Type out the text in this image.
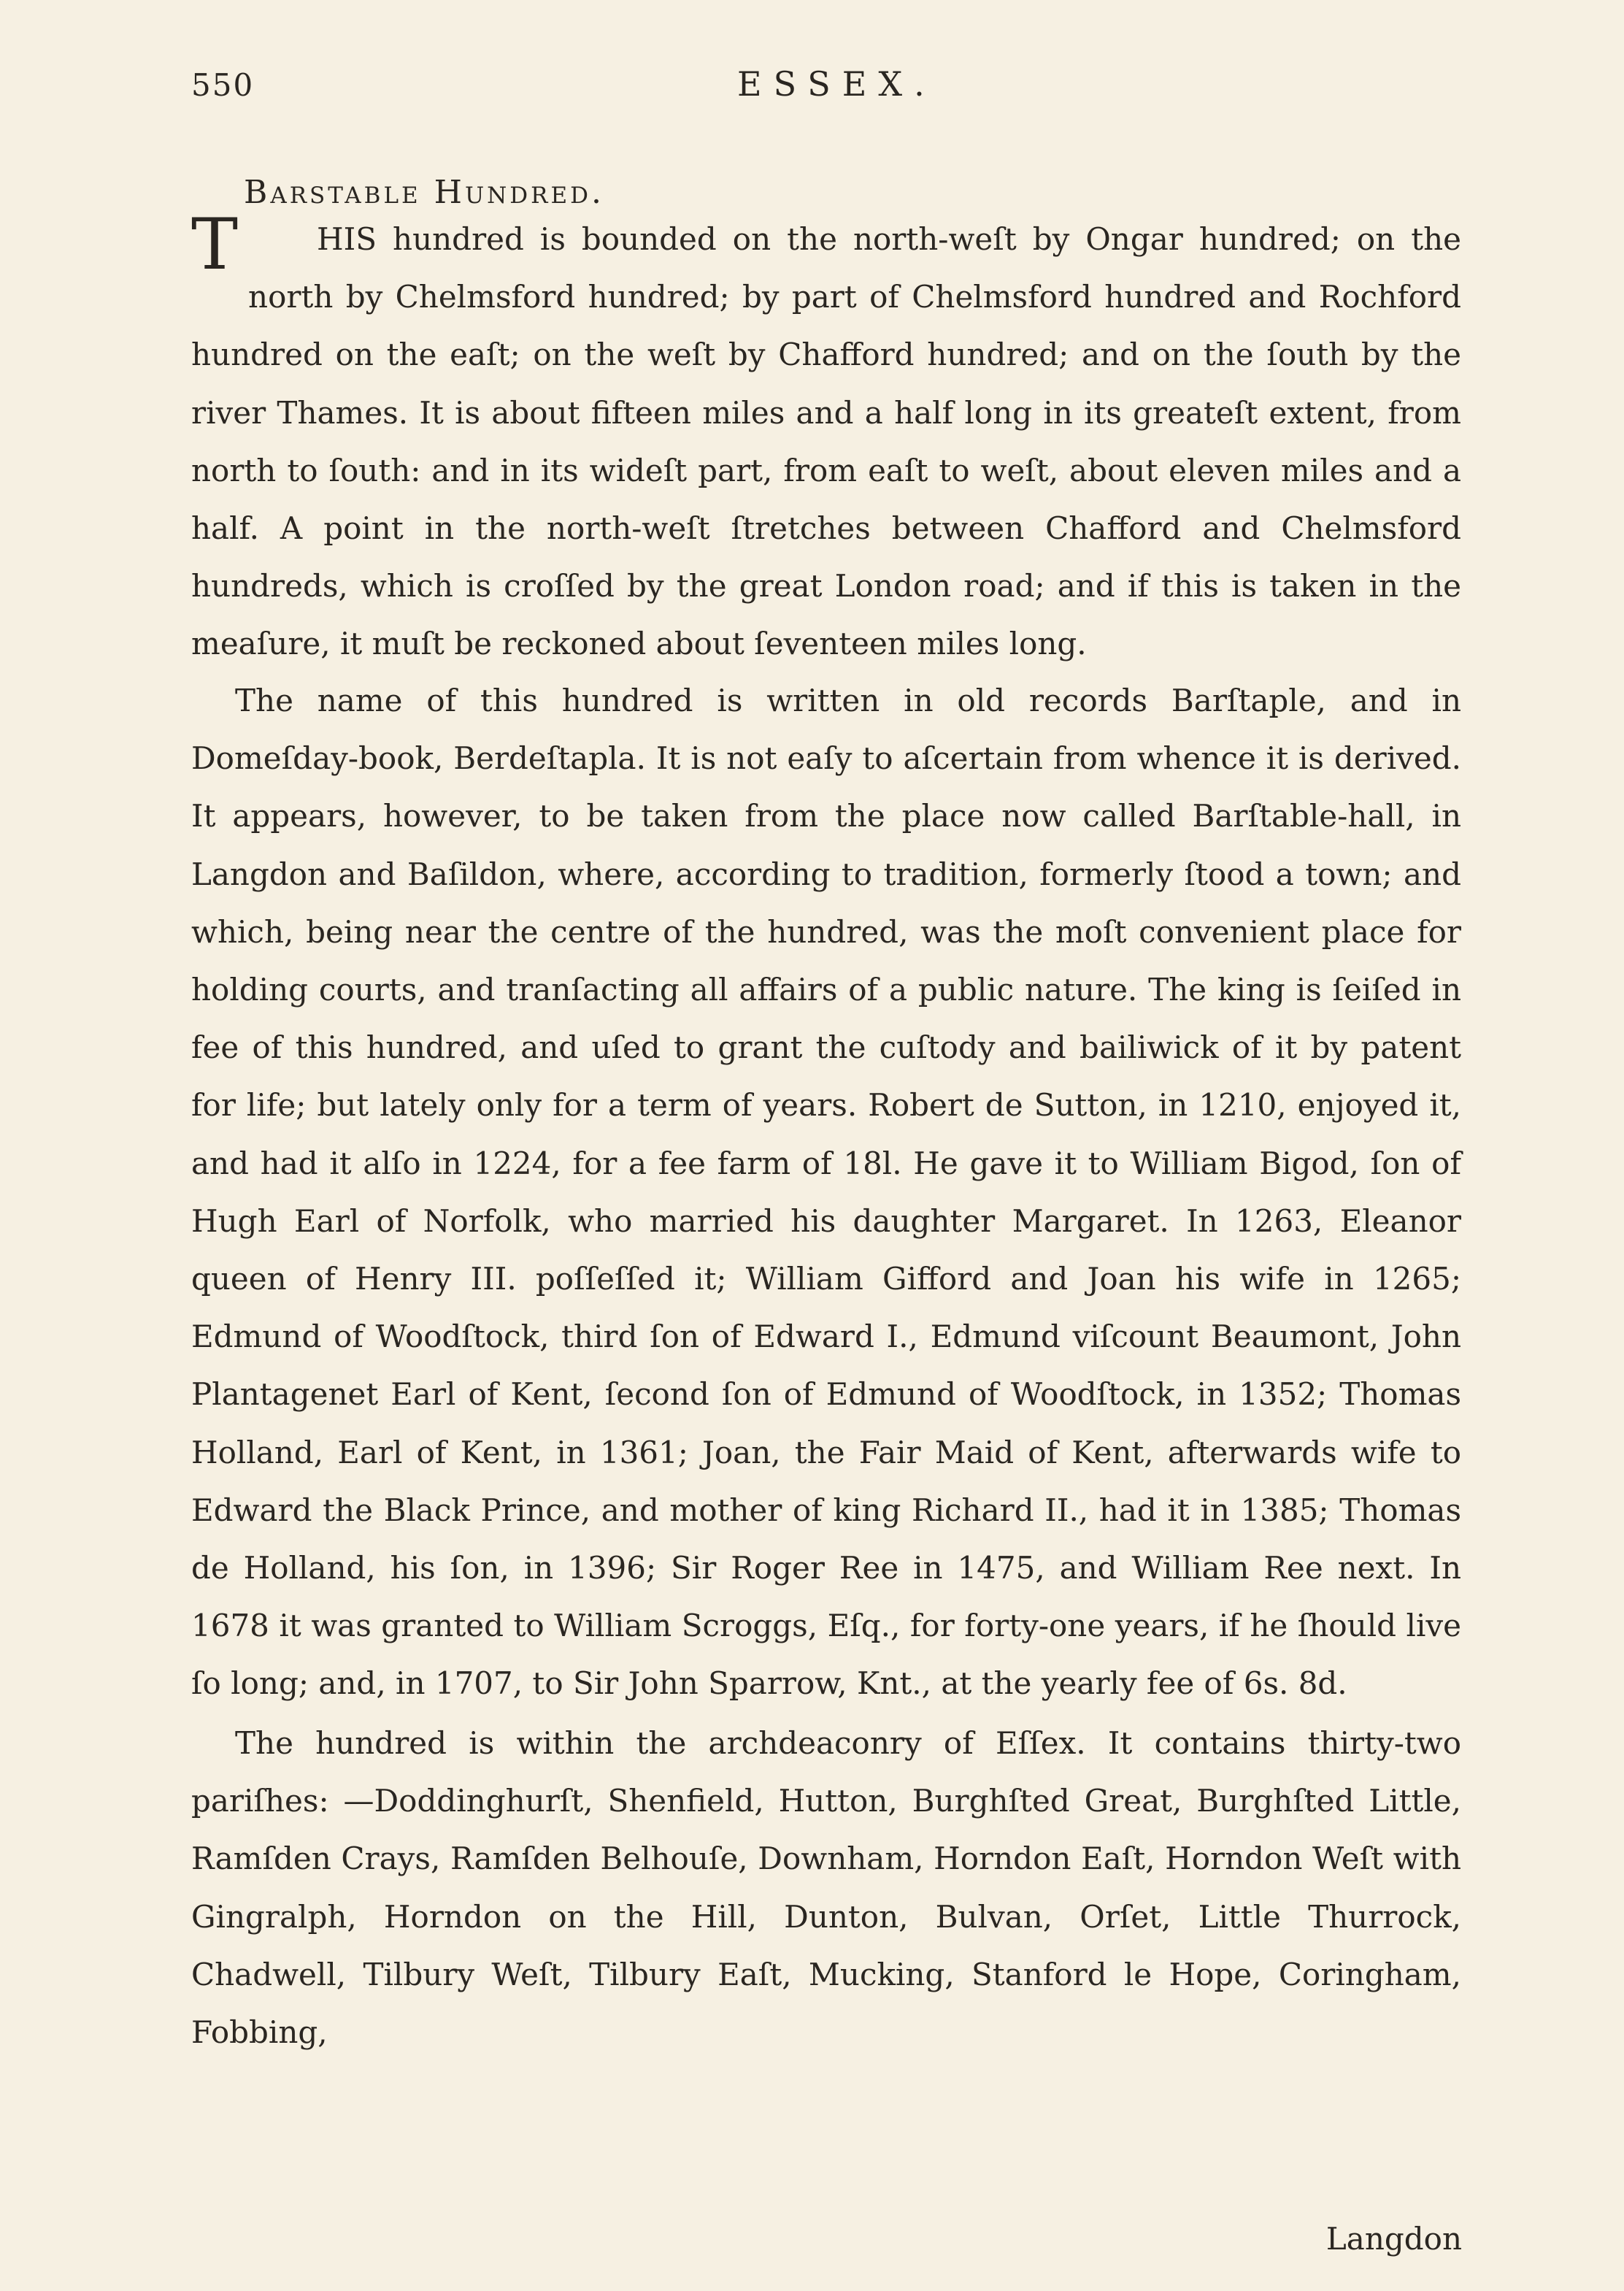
550	ESSEX.
Barstable Hundred.

T	HIS hundred is bounded on the north-weſt by Ongar hundred; on the north by Chelmsford hundred; by part of Chelmsford hundred and Rochford hundred on the eaſt; on the weſt by Chafford hundred; and on the ſouth by the river Thames. It is about fifteen miles and a half long in its greateſt extent, from north to ſouth: and in its wideſt part, from eaſt to weſt, about eleven miles and a half. A point in the north-weſt ſtretches between Chafford and Chelmsford hundreds, which is croſſed by the great London road; and if this is taken in the meaſure, it muſt be reckoned about ſeventeen miles long.

The name of this hundred is written in old records Barſtaple, and in Domeſday-book, Berdeſtapla. It is not eaſy to aſcertain from whence it is derived. It appears, however, to be taken from the place now called Barſtable-hall, in Langdon and Baſildon, where, according to tradition, formerly ſtood a town; and which, being near the centre of the hundred, was the moſt convenient place for holding courts, and tranſacting all affairs of a public nature. The king is ſeiſed in fee of this hundred, and uſed to grant the cuſtody and bailiwick of it by patent for life; but lately only for a term of years. Robert de Sutton, in 1210, enjoyed it, and had it alſo in 1224, for a fee farm of 18l. He gave it to William Bigod, ſon of Hugh Earl of Norfolk, who married his daughter Margaret. In 1263, Eleanor queen of Henry III. poſſeſſed it; William Gifford and Joan his wife in 1265; Edmund of Woodſtock, third ſon of Edward I., Edmund viſcount Beaumont, John Plantagenet Earl of Kent, ſecond ſon of Edmund of Woodſtock, in 1352; Thomas Holland, Earl of Kent, in 1361; Joan, the Fair Maid of Kent, afterwards wife to Edward the Black Prince, and mother of king Richard II., had it in 1385; Thomas de Holland, his ſon, in 1396; Sir Roger Ree in 1475, and William Ree next. In 1678 it was granted to William Scroggs, Eſq., for forty-one years, if he ſhould live ſo long; and, in 1707, to Sir John Sparrow, Knt., at the yearly fee of 6s. 8d.

The hundred is within the archdeaconry of Eſſex. It contains thirty-two pariſhes: —Doddinghurſt, Shenfield, Hutton, Burghſted Great, Burghſted Little, Ramſden Crays, Ramſden Belhouſe, Downham, Horndon Eaſt, Horndon Weſt with Gingralph, Horndon on the Hill, Dunton, Bulvan, Orſet, Little Thurrock, Chadwell, Tilbury Weſt, Tilbury Eaſt, Mucking, Stanford le Hope, Coringham, Fobbing,

Langdon
